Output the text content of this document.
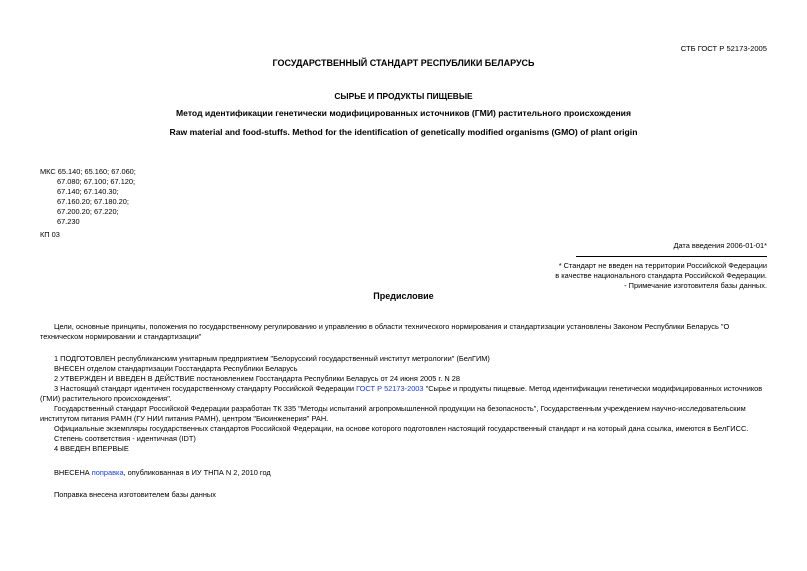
СТБ ГОСТ Р 52173-2005
ГОСУДАРСТВЕННЫЙ СТАНДАРТ РЕСПУБЛИКИ БЕЛАРУСЬ
СЫРЬЕ И ПРОДУКТЫ ПИЩЕВЫЕ
Метод идентификации генетически модифицированных источников (ГМИ) растительного происхождения
Raw material and food-stuffs. Method for the identification of genetically modified organisms (GMO) of plant origin
МКС 65.140; 65.160; 67.060;
67.080; 67.100; 67.120;
67.140; 67.140.30;
67.160.20; 67.180.20;
67.200.20; 67.220;
67.230
КП 03
Дата введения 2006-01-01*
* Стандарт не введен на территории Российской Федерации
в качестве национального стандарта Российской Федерации.
- Примечание изготовителя базы данных.
Предисловие

Цели, основные принципы, положения по государственному регулированию и управлению в области технического нормирования и стандартизации установлены Законом Республики Беларусь "О техническом нормировании и стандартизации"

1 ПОДГОТОВЛЕН республиканским унитарным предприятием "Белорусский государственный институт метрологии" (БелГИМ)

ВНЕСЕН отделом стандартизации Госстандарта Республики Беларусь

2 УТВЕРЖДЕН И ВВЕДЕН В ДЕЙСТВИЕ постановлением Госстандарта Республики Беларусь от 24 июня 2005 г. N 28

3 Настоящий стандарт идентичен государственному стандарту Российской Федерации ГОСТ Р 52173-2003 "Сырье и продукты пищевые. Метод идентификации генетически модифицированных источников (ГМИ) растительного происхождения".

Государственный стандарт Российской Федерации разработан ТК 335 "Методы испытаний агропромышленной продукции на безопасность", Государственным учреждением научно-исследовательским институтом питания РАМН (ГУ НИИ питания РАМН), центром "Биоинженерия" РАН.

Официальные экземпляры государственных стандартов Российской Федерации, на основе которого подготовлен настоящий государственный стандарт и на который дана ссылка, имеются в БелГИСС.

Степень соответствия - идентичная (IDT)

4 ВВЕДЕН ВПЕРВЫЕ

ВНЕСЕНА поправка, опубликованная в ИУ ТНПА N 2, 2010 год

Поправка внесена изготовителем базы данных
